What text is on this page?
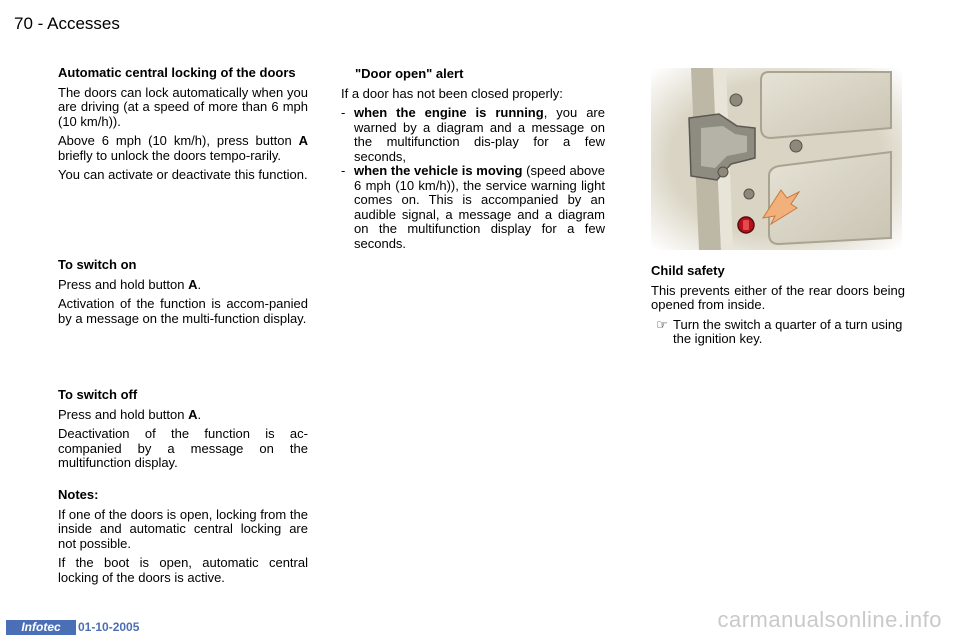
70 - Accesses

Automatic central locking of the doors

The doors can lock automatically when you are driving (at a speed of more than 6 mph (10 km/h)).

Above 6 mph (10 km/h), press button A briefly to unlock the doors tempo-rarily.

You can activate or deactivate this function.

To switch on

Press and hold button A.

Activation of the function is accom-panied by a message on the multi-function display.

To switch off

Press and hold button A.

Deactivation of the function is ac-companied by a message on the multifunction display.

Notes:

If one of the doors is open, locking from the inside and automatic central locking are not possible.

If the boot is open, automatic central locking of the doors is active.

"Door open" alert

If a door has not been closed properly:

- when the engine is running, you are warned by a diagram and a message on the multifunction dis-play for a few seconds,
- when the vehicle is moving (speed above 6 mph (10 km/h)), the service warning light comes on. This is accompanied by an audible signal, a message and a diagram on the multifunction display for a few seconds.

Child safety

This prevents either of the rear doors being opened from inside.

☞ Turn the switch a quarter of a turn using the ignition key.
Infotec	01-10-2005	carmanualsonline.info
